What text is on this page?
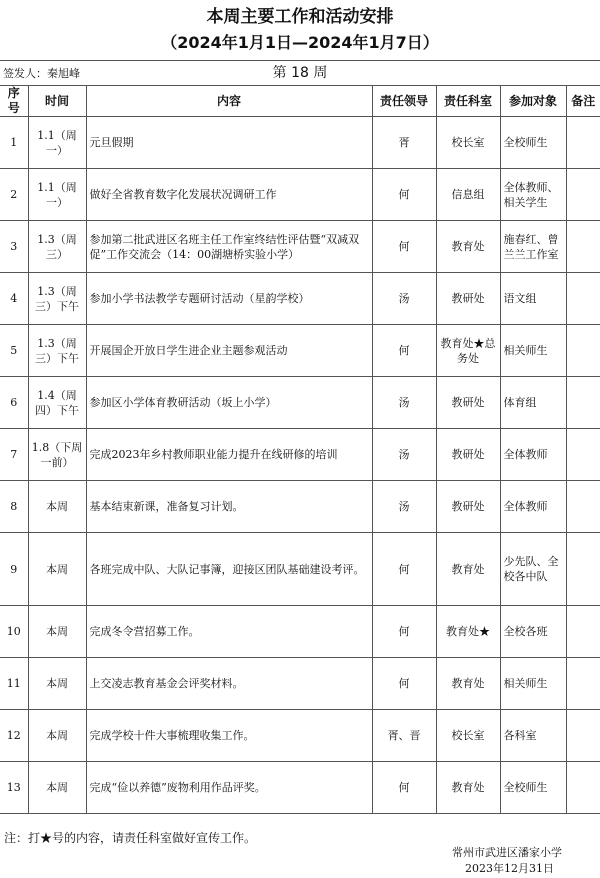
本周主要工作和活动安排
（2024年1月1日—2024年1月7日）
签发人：秦旭峰						
序号	时间	内容	责任领导	责任科室	参加对象	备注
1	1.1（周一）	元旦假期	胥	校长室	全校师生	
2	1.1（周一）	做好全省教育数字化发展状况调研工作	何	信息组	全体教师、相关学生	
3	1.3（周三）	参加第二批武进区名班主任工作室终结性评估暨“双减双促”工作交流会（14：00湖塘桥实验小学）	何	教育处	施春红、曾兰兰工作室	
4	1.3（周三）下午	参加小学书法教学专题研讨活动（星韵学校）	汤	教研处	语文组	
5	1.3（周三）下午	开展国企开放日学生进企业主题参观活动	何	教育处★总务处	相关师生	
6	1.4（周四）下午	参加区小学体育教研活动（坂上小学）	汤	教研处	体育组	
7	1.8（下周一前）	完成2023年乡村教师职业能力提升在线研修的培训	汤	教研处	全体教师	
8	本周	基本结束新课，准备复习计划。	汤	教研处	全体教师	
9	本周	各班完成中队、大队记事簿，迎接区团队基础建设考评。	何	教育处	少先队、全校各中队	
10	本周	完成冬令营招募工作。	何	教育处★	全校各班	
11	本周	上交凌志教育基金会评奖材料。	何	教育处	相关师生	
12	本周	完成学校十件大事梳理收集工作。	胥、晋	校长室	各科室	
13	本周	完成“俭以养德”废物利用作品评奖。	何	教育处	全校师生	
第 18 周
注：打★号的内容，请责任科室做好宣传工作。
常州市武进区潘家小学
2023年12月31日
